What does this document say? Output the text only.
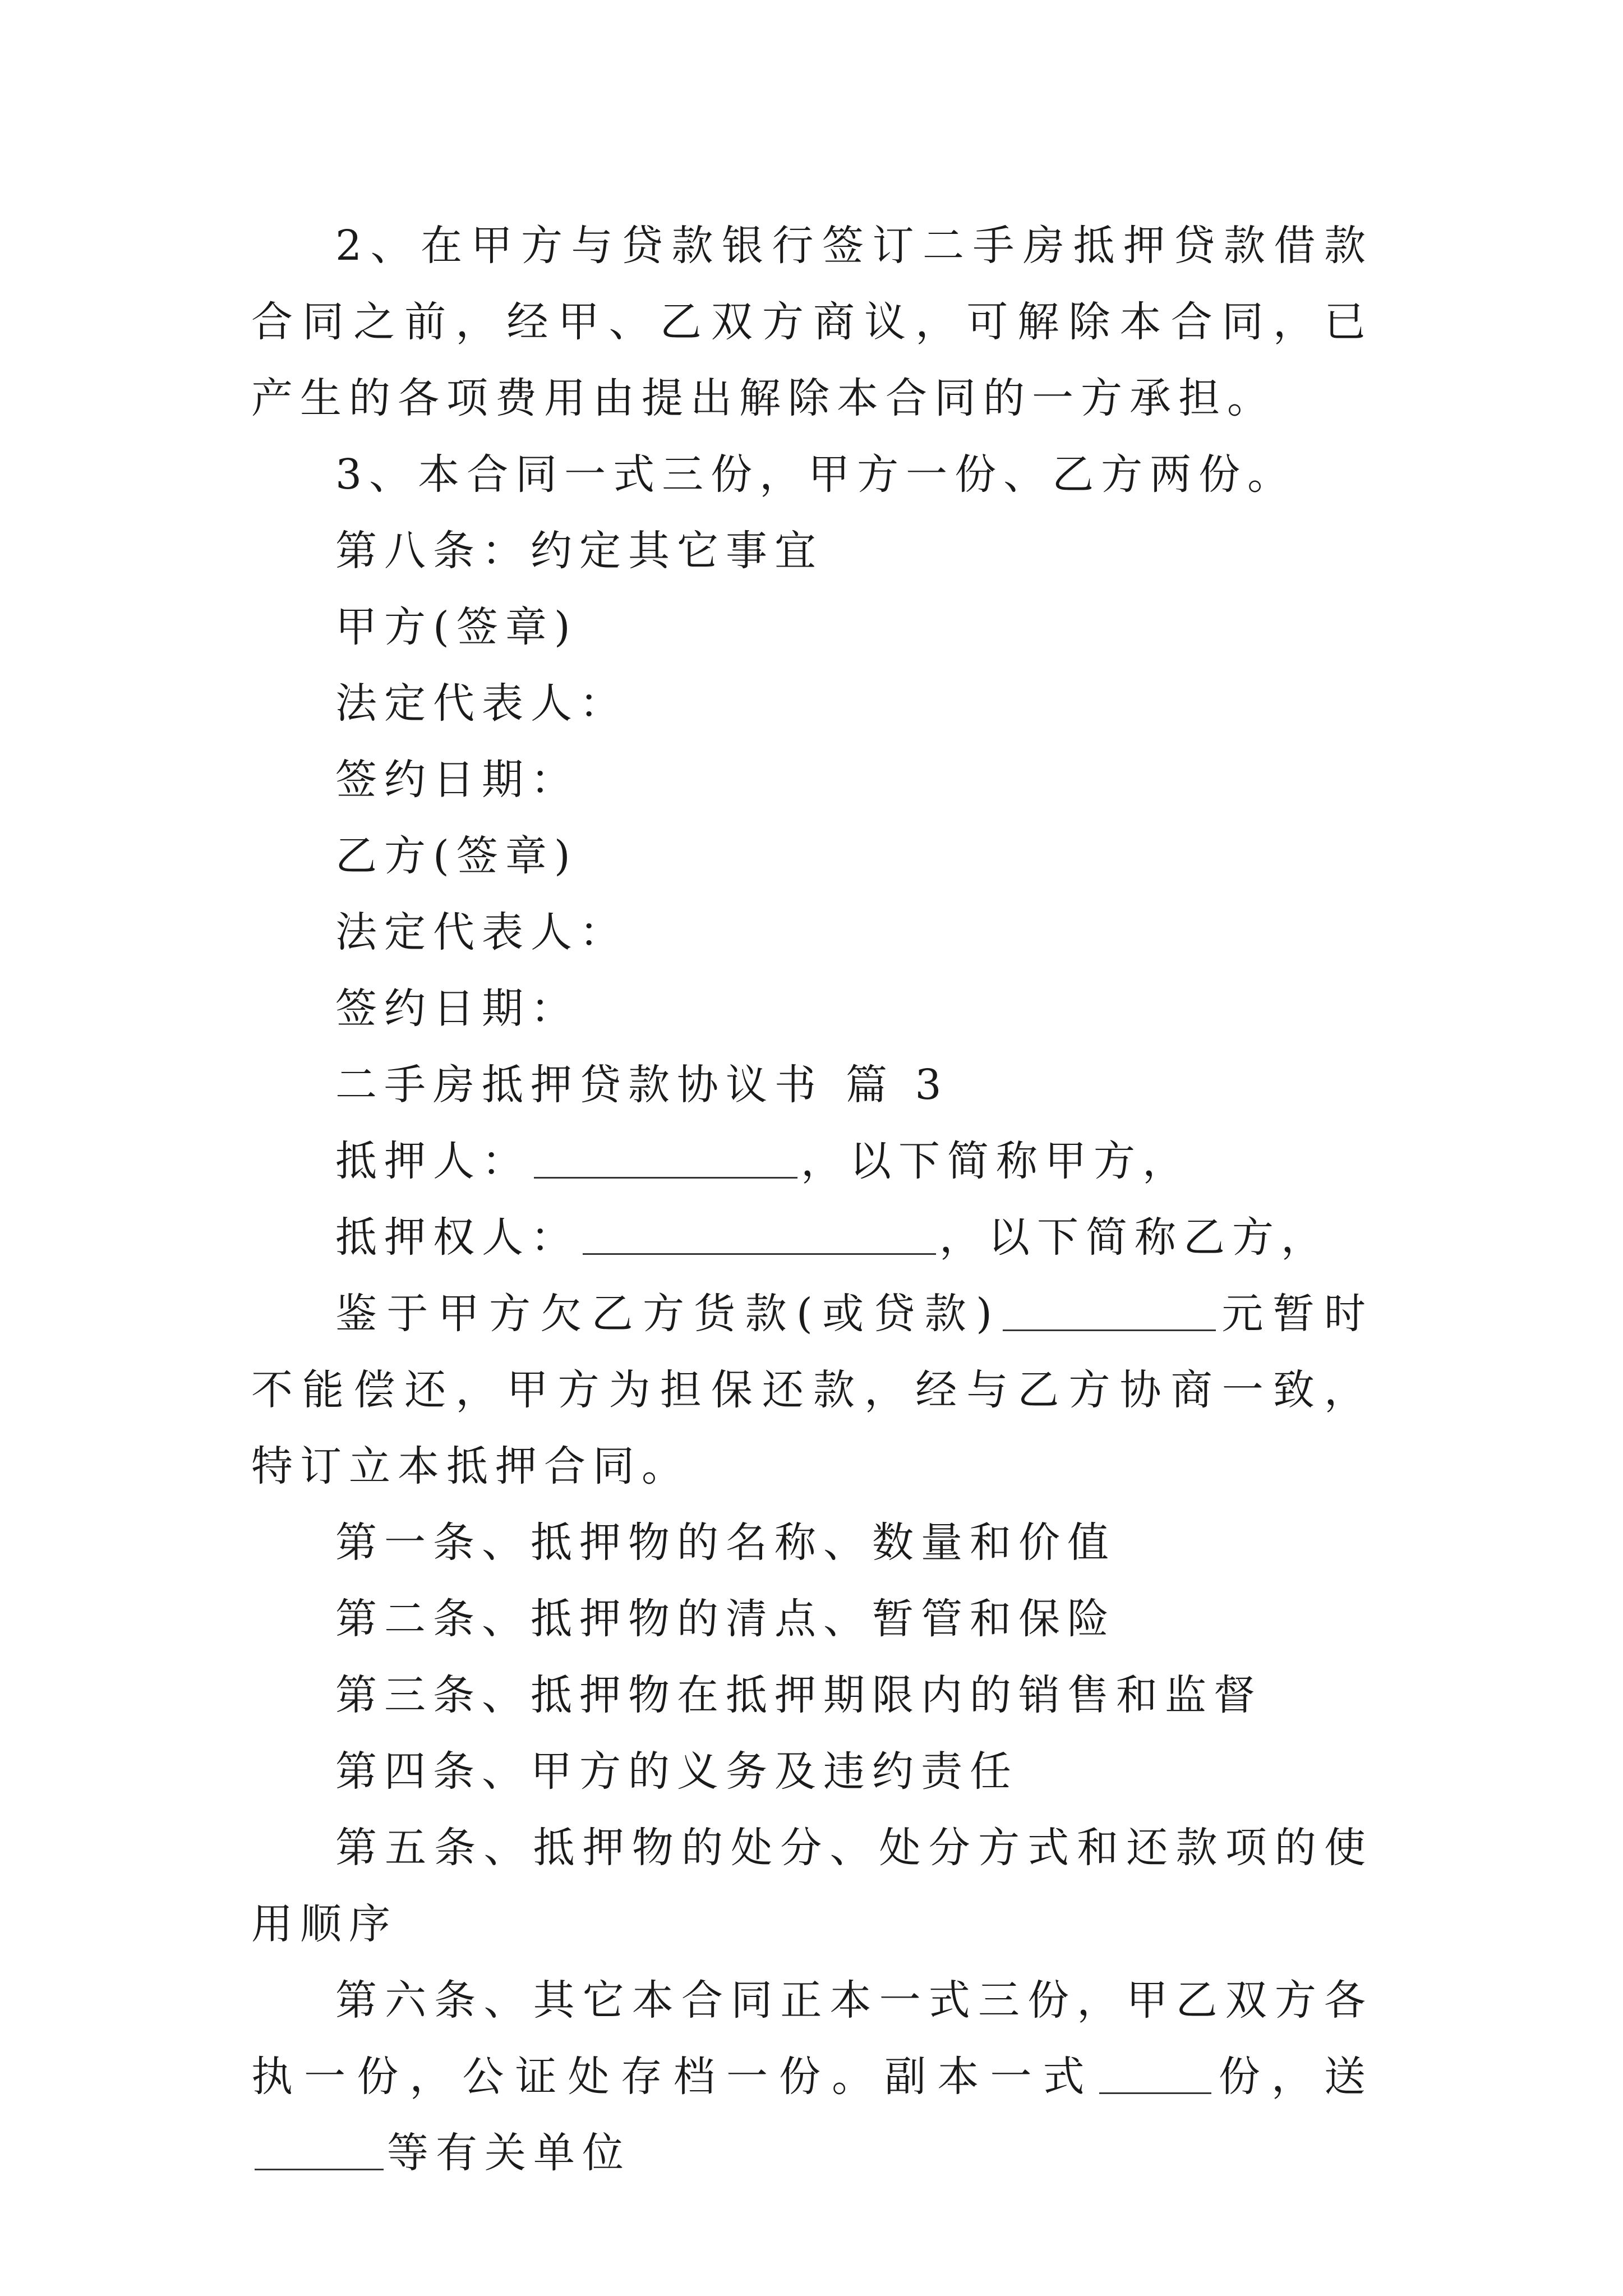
2、在甲方与贷款银行签订二手房抵押贷款借款合同之前，经甲、乙双方商议，可解除本合同，已产生的各项费用由提出解除本合同的一方承担。

3、本合同一式三份，甲方一份、乙方两份。

第八条：约定其它事宜

甲方(签章)

法定代表人：

签约日期：

乙方(签章)

法定代表人：

签约日期：

二手房抵押贷款协议书 篇 3

抵押人：	，以下简称甲方，

抵押权人：	，以下简称乙方，

鉴于甲方欠乙方货款(或贷款)	元暂时不能偿还，甲方为担保还款，经与乙方协商一致，特订立本抵押合同。

第一条、抵押物的名称、数量和价值

第二条、抵押物的清点、暂管和保险

第三条、抵押物在抵押期限内的销售和监督

第四条、甲方的义务及违约责任

第五条、抵押物的处分、处分方式和还款项的使用顺序

第六条、其它本合同正本一式三份，甲乙双方各执一份，公证处存档一份。副本一式	份，送等有关单位
